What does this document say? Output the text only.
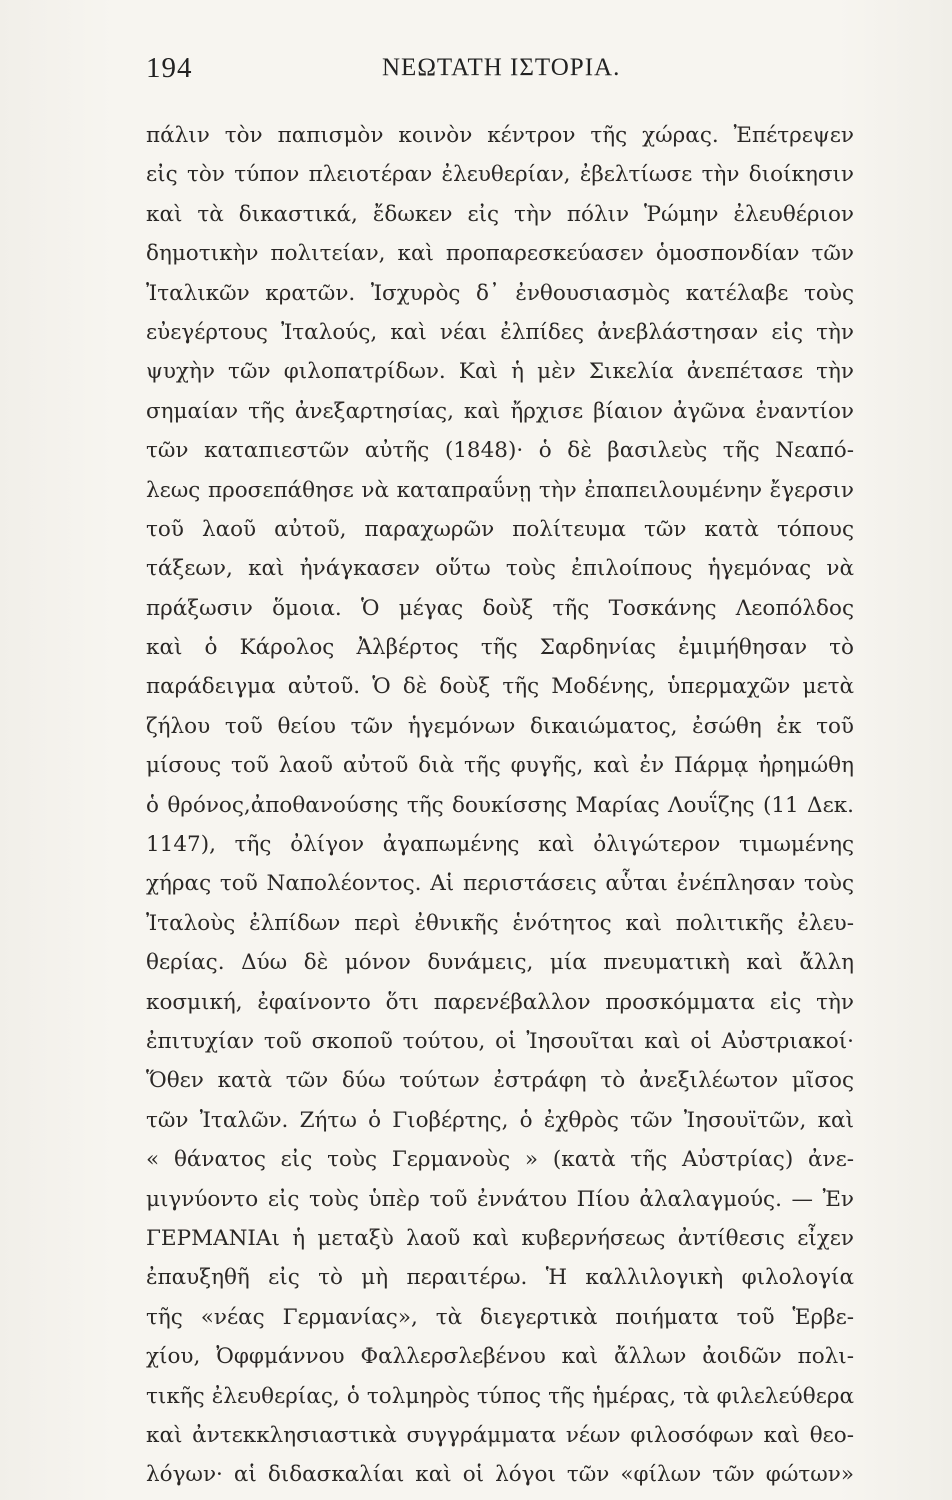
194	ΝΕΩΤΑΤΗ ΙΣΤΟΡΙΑ.
πάλιν τὸν παπισμὸν κοινὸν κέντρον τῆς χώρας. Ἐπέτρεψεν
εἰς τὸν τύπον πλειοτέραν ἐλευθερίαν, ἐβελτίωσε τὴν διοίκησιν
καὶ τὰ δικαστικά, ἔδωκεν εἰς τὴν πόλιν Ῥώμην ἐλευθέριον
δημοτικὴν πολιτείαν, καὶ προπαρεσκεύασεν ὁμοσπονδίαν τῶν
Ἰταλικῶν κρατῶν. Ἰσχυρὸς δ᾽ ἐνθουσιασμὸς κατέλαβε τοὺς
εὐεγέρτους Ἰταλούς, καὶ νέαι ἐλπίδες ἀνεβλάστησαν εἰς τὴν
ψυχὴν τῶν φιλοπατρίδων. Καὶ ἡ μὲν Σικελία ἀνεπέτασε τὴν
σημαίαν τῆς ἀνεξαρτησίας, καὶ ἤρχισε βίαιον ἀγῶνα ἐναντίον
τῶν καταπιεστῶν αὐτῆς (1848)· ὁ δὲ βασιλεὺς τῆς Νεαπό-
λεως προσεπάθησε νὰ καταπραΰνῃ τὴν ἐπαπειλουμένην ἔγερσιν
τοῦ λαοῦ αὐτοῦ, παραχωρῶν πολίτευμα τῶν κατὰ τόπους
τάξεων, καὶ ἠνάγκασεν οὕτω τοὺς ἐπιλοίπους ἡγεμόνας νὰ
πράξωσιν ὅμοια. Ὁ μέγας δοὺξ τῆς Τοσκάνης Λεοπόλδος
καὶ ὁ Κάρολος Ἀλβέρτος τῆς Σαρδηνίας ἐμιμήθησαν τὸ
παράδειγμα αὐτοῦ. Ὁ δὲ δοὺξ τῆς Μοδένης, ὑπερμαχῶν μετὰ
ζήλου τοῦ θείου τῶν ἡγεμόνων δικαιώματος, ἐσώθη ἐκ τοῦ
μίσους τοῦ λαοῦ αὐτοῦ διὰ τῆς φυγῆς, καὶ ἐν Πάρμᾳ ἠρημώθη
ὁ θρόνος,ἀποθανούσης τῆς δουκίσσης Μαρίας Λουΐζης (11 Δεκ.
1147), τῆς ὀλίγον ἀγαπωμένης καὶ ὀλιγώτερον τιμωμένης
χήρας τοῦ Ναπολέοντος. Αἱ περιστάσεις αὗται ἐνέπλησαν τοὺς
Ἰταλοὺς ἐλπίδων περὶ ἐθνικῆς ἑνότητος καὶ πολιτικῆς ἐλευ-
θερίας. Δύω δὲ μόνον δυνάμεις, μία πνευματικὴ καὶ ἄλλη
κοσμική, ἐφαίνοντο ὅτι παρενέβαλλον προσκόμματα εἰς τὴν
ἐπιτυχίαν τοῦ σκοποῦ τούτου, οἱ Ἰησουῖται καὶ οἱ Αὐστριακοί·
Ὅθεν κατὰ τῶν δύω τούτων ἐστράφη τὸ ἀνεξιλέωτον μῖσος
τῶν Ἰταλῶν. Ζήτω ὁ Γιοβέρτης, ὁ ἐχθρὸς τῶν Ἰησουϊτῶν, καὶ
« θάνατος εἰς τοὺς Γερμανοὺς » (κατὰ τῆς Αὐστρίας) ἀνε-
μιγνύοντο εἰς τοὺς ὑπὲρ τοῦ ἐννάτου Πίου ἀλαλαγμούς. — Ἐν
ΓΕΡΜΑΝΙΑι ἡ μεταξὺ λαοῦ καὶ κυβερνήσεως ἀντίθεσις εἶχεν
ἐπαυξηθῆ εἰς τὸ μὴ περαιτέρω. Ἡ καλλιλογικὴ φιλολογία
τῆς «νέας Γερμανίας», τὰ διεγερτικὰ ποιήματα τοῦ Ἑρβε-
χίου, Ὀφφμάννου Φαλλερσλεβένου καὶ ἄλλων ἀοιδῶν πολι-
τικῆς ἐλευθερίας, ὁ τολμηρὸς τύπος τῆς ἡμέρας, τὰ φιλελεύθερα
καὶ ἀντεκκλησιαστικὰ συγγράμματα νέων φιλοσόφων καὶ θεο-
λόγων· αἱ διδασκαλίαι καὶ οἱ λόγοι τῶν «φίλων τῶν φώτων»
